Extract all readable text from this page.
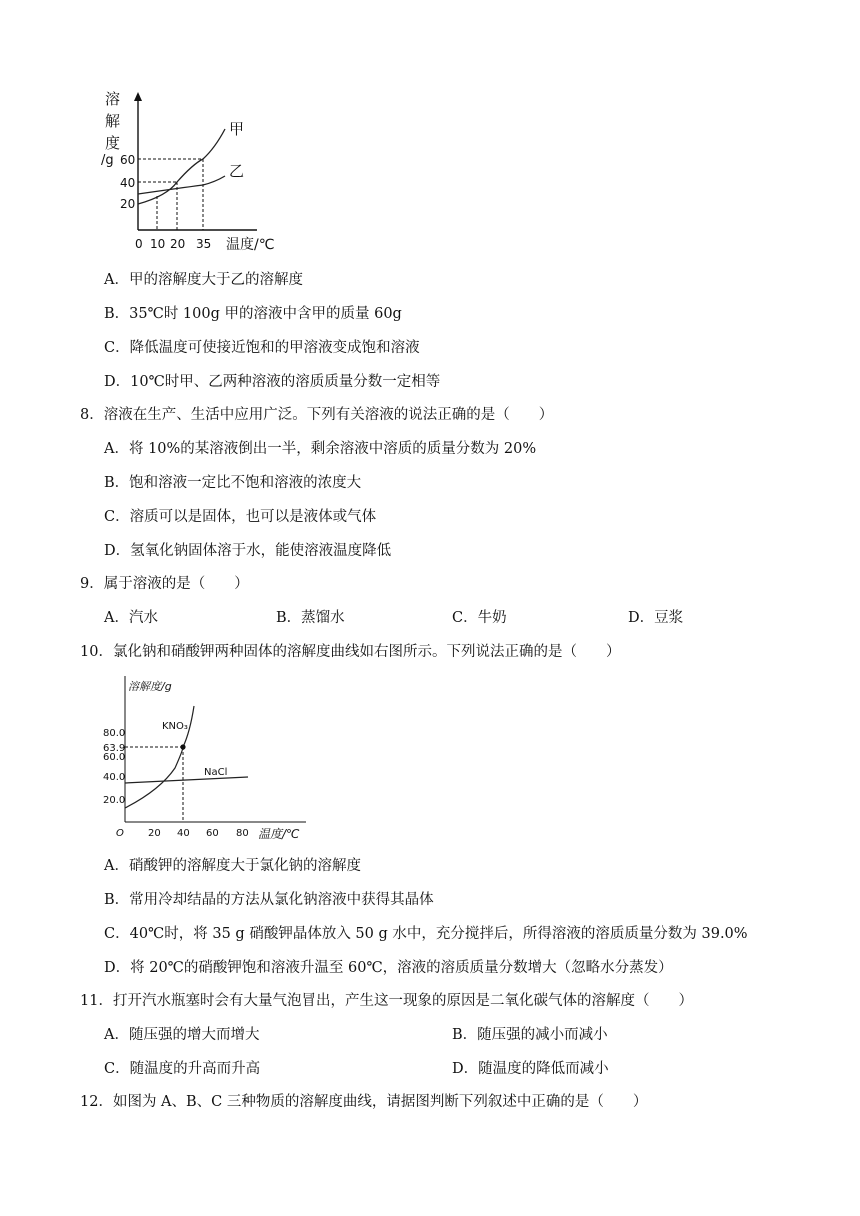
溶
解
度
/g 60
40
20
甲
乙
0 10 20 35 温度/℃
A．甲的溶解度大于乙的溶解度
B．35℃时 100g 甲的溶液中含甲的质量 60g
C．降低温度可使接近饱和的甲溶液变成饱和溶液
D．10℃时甲、乙两种溶液的溶质质量分数一定相等
8．溶液在生产、生活中应用广泛。下列有关溶液的说法正确的是（　　）
A．将 10%的某溶液倒出一半，剩余溶液中溶质的质量分数为 20%
B．饱和溶液一定比不饱和溶液的浓度大
C．溶质可以是固体，也可以是液体或气体
D．氢氧化钠固体溶于水，能使溶液温度降低
9．属于溶液的是（　　）
A．汽水	B．蒸馏水	C．牛奶	D．豆浆
10．氯化钠和硝酸钾两种固体的溶解度曲线如右图所示。下列说法正确的是（　　）
溶解度/g
80.0
63.9
60.0
40.0
20.0
KNO₃
NaCl
O 20 40 60 80 温度/℃
A．硝酸钾的溶解度大于氯化钠的溶解度
B．常用冷却结晶的方法从氯化钠溶液中获得其晶体
C．40℃时，将 35 g 硝酸钾晶体放入 50 g 水中，充分搅拌后，所得溶液的溶质质量分数为 39.0%
D．将 20℃的硝酸钾饱和溶液升温至 60℃，溶液的溶质质量分数增大（忽略水分蒸发）
11．打开汽水瓶塞时会有大量气泡冒出，产生这一现象的原因是二氧化碳气体的溶解度（　　）
A．随压强的增大而增大	B．随压强的减小而减小
C．随温度的升高而升高	D．随温度的降低而减小
12．如图为 A、B、C 三种物质的溶解度曲线，请据图判断下列叙述中正确的是（　　）
